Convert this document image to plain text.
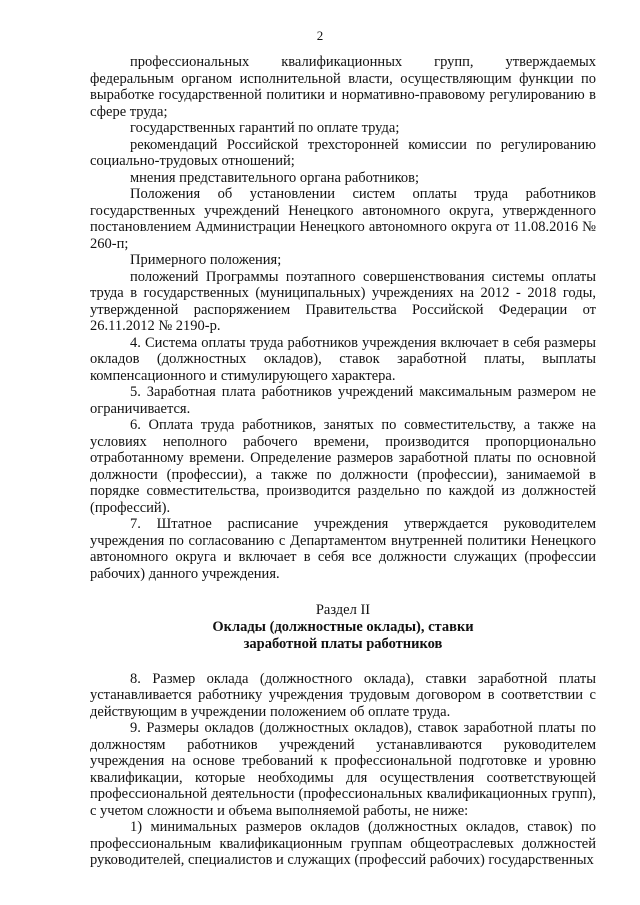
2

профессиональных квалификационных групп, утверждаемых федеральным органом исполнительной власти, осуществляющим функции по выработке государственной политики и нормативно-правовому регулированию в сфере труда;

государственных гарантий по оплате труда;

рекомендаций Российской трехсторонней комиссии по регулированию социально-трудовых отношений;

мнения представительного органа работников;

Положения об установлении систем оплаты труда работников государственных учреждений Ненецкого автономного округа, утвержденного постановлением Администрации Ненецкого автономного округа от 11.08.2016 № 260-п;

Примерного положения;

положений Программы поэтапного совершенствования системы оплаты труда в государственных (муниципальных) учреждениях на 2012 - 2018 годы, утвержденной распоряжением Правительства Российской Федерации от 26.11.2012 № 2190-р.

4. Система оплаты труда работников учреждения включает в себя размеры окладов (должностных окладов), ставок заработной платы, выплаты компенсационного и стимулирующего характера.

5. Заработная плата работников учреждений максимальным размером не ограничивается.

6. Оплата труда работников, занятых по совместительству, а также на условиях неполного рабочего времени, производится пропорционально отработанному времени. Определение размеров заработной платы по основной должности (профессии), а также по должности (профессии), занимаемой в порядке совместительства, производится раздельно по каждой из должностей (профессий).

7. Штатное расписание учреждения утверждается руководителем учреждения по согласованию с Департаментом внутренней политики Ненецкого автономного округа и включает в себя все должности служащих (профессии рабочих) данного учреждения.

Раздел II

Оклады (должностные оклады), ставки

заработной платы работников

8. Размер оклада (должностного оклада), ставки заработной платы устанавливается работнику учреждения трудовым договором в соответствии с действующим в учреждении положением об оплате труда.

9. Размеры окладов (должностных окладов), ставок заработной платы по должностям работников учреждений устанавливаются руководителем учреждения на основе требований к профессиональной подготовке и уровню квалификации, которые необходимы для осуществления соответствующей профессиональной деятельности (профессиональных квалификационных групп), с учетом сложности и объема выполняемой работы, не ниже:

1) минимальных размеров окладов (должностных окладов, ставок) по профессиональным квалификационным группам общеотраслевых должностей руководителей, специалистов и служащих (профессий рабочих) государственных
